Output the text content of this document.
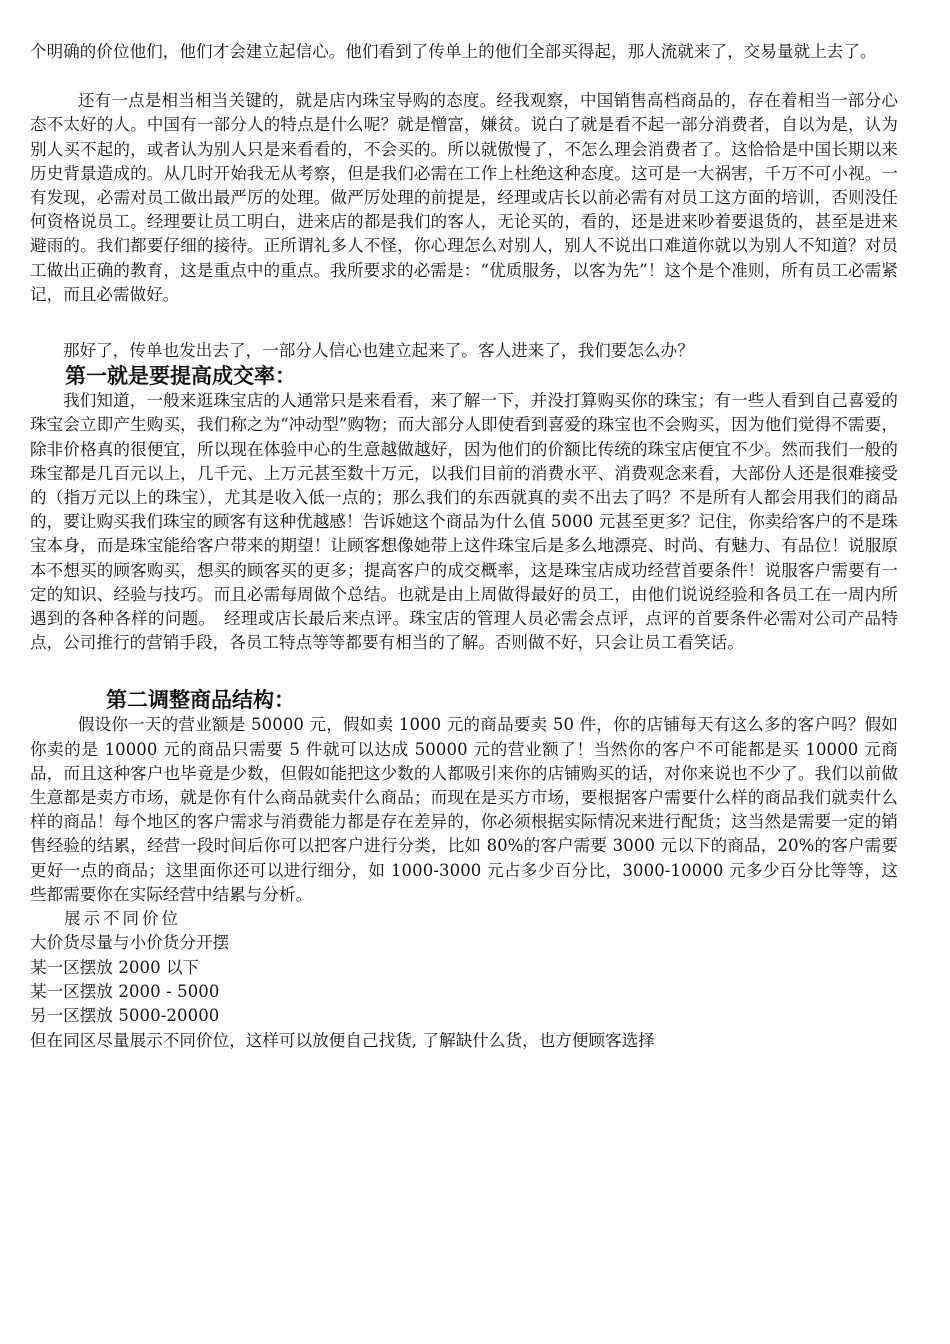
个明确的价位他们，他们才会建立起信心。他们看到了传单上的他们全部买得起，那人流就来了，交易量就上去了。

还有一点是相当相当关键的，就是店内珠宝导购的态度。经我观察，中国销售高档商品的，存在着相当一部分心态不太好的人。中国有一部分人的特点是什么呢？就是憎富，嫌贫。说白了就是看不起一部分消费者，自以为是，认为别人买不起的，或者认为别人只是来看看的，不会买的。所以就傲慢了，不怎么理会消费者了。这恰恰是中国长期以来历史背景造成的。从几时开始我无从考察，但是我们必需在工作上杜绝这种态度。这可是一大祸害，千万不可小视。一有发现，必需对员工做出最严厉的处理。做严厉处理的前提是，经理或店长以前必需有对员工这方面的培训，否则没任何资格说员工。经理要让员工明白，进来店的都是我们的客人，无论买的，看的，还是进来吵着要退货的，甚至是进来避雨的。我们都要仔细的接待。正所谓礼多人不怪，你心理怎么对别人，别人不说出口难道你就以为别人不知道？对员工做出正确的教育，这是重点中的重点。我所要求的必需是：“优质服务，以客为先”！这个是个准则，所有员工必需紧记，而且必需做好。

那好了，传单也发出去了，一部分人信心也建立起来了。客人进来了，我们要怎么办？

第一就是要提高成交率：

我们知道，一般来逛珠宝店的人通常只是来看看，来了解一下，并没打算购买你的珠宝；有一些人看到自己喜爱的珠宝会立即产生购买，我们称之为“冲动型”购物；而大部分人即使看到喜爱的珠宝也不会购买，因为他们觉得不需要，除非价格真的很便宜，所以现在体验中心的生意越做越好，因为他们的价额比传统的珠宝店便宜不少。然而我们一般的珠宝都是几百元以上，几千元、上万元甚至数十万元，以我们目前的消费水平、消费观念来看，大部份人还是很难接受的（指万元以上的珠宝），尤其是收入低一点的；那么我们的东西就真的卖不出去了吗？不是所有人都会用我们的商品的，要让购买我们珠宝的顾客有这种优越感！告诉她这个商品为什么值 5000 元甚至更多？记住，你卖给客户的不是珠宝本身，而是珠宝能给客户带来的期望！让顾客想像她带上这件珠宝后是多么地漂亮、时尚、有魅力、有品位！说服原本不想买的顾客购买，想买的顾客买的更多；提高客户的成交概率，这是珠宝店成功经营首要条件！说服客户需要有一定的知识、经验与技巧。而且必需每周做个总结。也就是由上周做得最好的员工，由他们说说经验和各员工在一周内所遇到的各种各样的问题。　经理或店长最后来点评。珠宝店的管理人员必需会点评，点评的首要条件必需对公司产品特点，公司推行的营销手段，各员工特点等等都要有相当的了解。否则做不好，只会让员工看笑话。

第二调整商品结构：

假设你一天的营业额是 50000 元，假如卖 1000 元的商品要卖 50 件，你的店铺每天有这么多的客户吗？假如你卖的是 10000 元的商品只需要 5 件就可以达成 50000 元的营业额了！当然你的客户不可能都是买 10000 元商品，而且这种客户也毕竟是少数，但假如能把这少数的人都吸引来你的店铺购买的话，对你来说也不少了。我们以前做生意都是卖方市场，就是你有什么商品就卖什么商品；而现在是买方市场，要根据客户需要什么样的商品我们就卖什么样的商品！每个地区的客户需求与消费能力都是存在差异的，你必须根据实际情况来进行配货；这当然是需要一定的销售经验的结累，经营一段时间后你可以把客户进行分类，比如 80%的客户需要 3000 元以下的商品，20%的客户需要更好一点的商品；这里面你还可以进行细分，如 1000-3000 元占多少百分比，3000-10000 元多少百分比等等，这些都需要你在实际经营中结累与分析。

展示不同价位

大价货尽量与小价货分开摆

某一区摆放 2000 以下

某一区摆放 2000 - 5000

另一区摆放 5000-20000

但在同区尽量展示不同价位，这样可以放便自己找货, 了解缺什么货，也方便顾客选择
